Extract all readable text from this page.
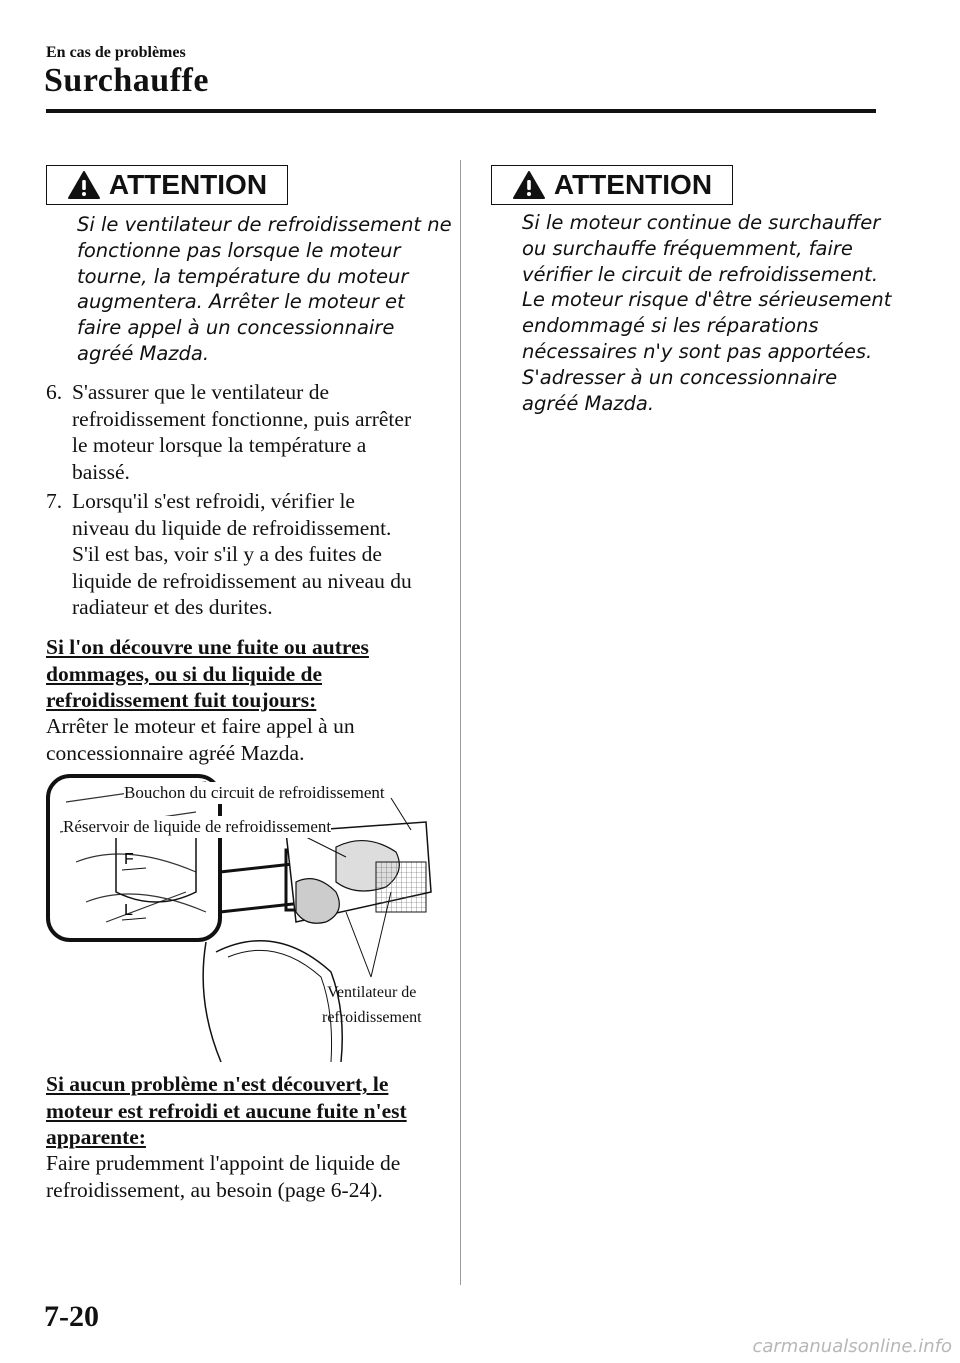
En cas de problèmes
Surchauffe
ATTENTION
Si le ventilateur de refroidissement ne
fonctionne pas lorsque le moteur
tourne, la température du moteur
augmentera. Arrêter le moteur et
faire appel à un concessionnaire
agréé Mazda.
6. S'assurer que le ventilateur de
refroidissement fonctionne, puis arrêter
le moteur lorsque la température a
baissé.
7. Lorsqu'il s'est refroidi, vérifier le
niveau du liquide de refroidissement.
S'il est bas, voir s'il y a des fuites de
liquide de refroidissement au niveau du
radiateur et des durites.
Si l'on découvre une fuite ou autres
dommages, ou si du liquide de
refroidissement fuit toujours:
Arrêter le moteur et faire appel à un
concessionnaire agréé Mazda.
F
L
Bouchon du circuit de refroidissement
Réservoir de liquide de refroidissement
Ventilateur de
refroidissement
Si aucun problème n'est découvert, le
moteur est refroidi et aucune fuite n'est
apparente:
Faire prudemment l'appoint de liquide de
refroidissement, au besoin (page 6-24).
ATTENTION
Si le moteur continue de surchauffer
ou surchauffe fréquemment, faire
vérifier le circuit de refroidissement.
Le moteur risque d'être sérieusement
endommagé si les réparations
nécessaires n'y sont pas apportées.
S'adresser à un concessionnaire
agréé Mazda.
7-20
carmanualsonline.info
